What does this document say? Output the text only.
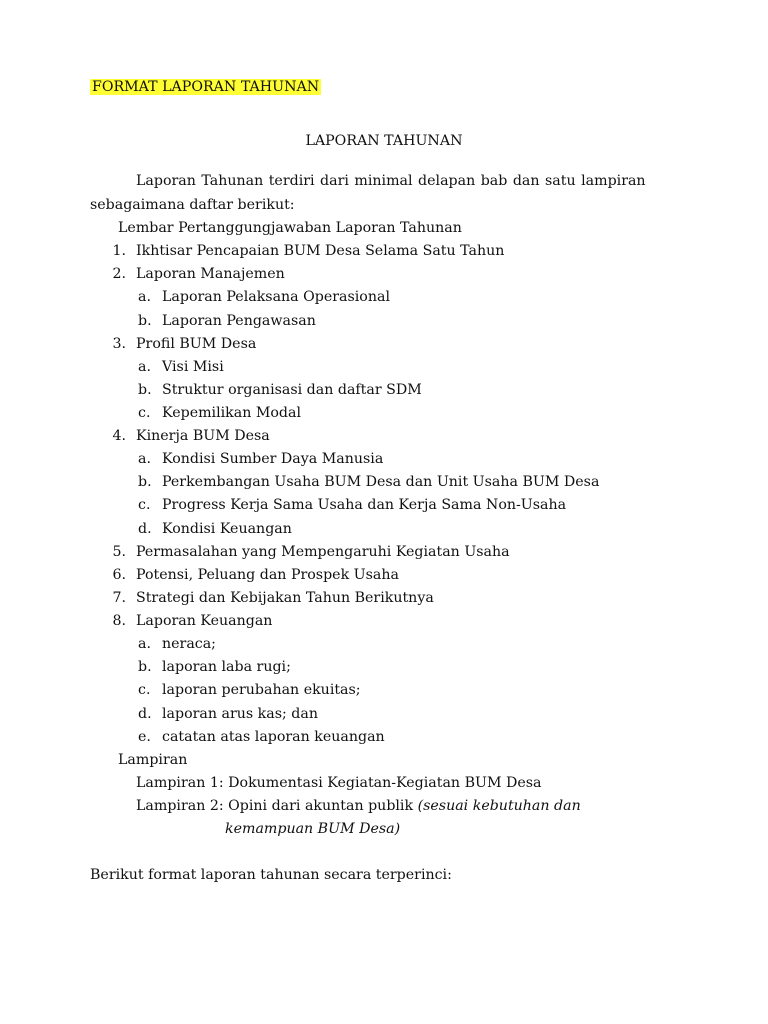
FORMAT LAPORAN TAHUNAN
LAPORAN TAHUNAN
Laporan Tahunan terdiri dari minimal delapan bab dan satu lampiran
sebagaimana daftar berikut:
Lembar Pertanggungjawaban Laporan Tahunan
1. Ikhtisar Pencapaian BUM Desa Selama Satu Tahun
2. Laporan Manajemen
a. Laporan Pelaksana Operasional
b. Laporan Pengawasan
3. Profil BUM Desa
a. Visi Misi
b. Struktur organisasi dan daftar SDM
c. Kepemilikan Modal
4. Kinerja BUM Desa
a. Kondisi Sumber Daya Manusia
b. Perkembangan Usaha BUM Desa dan Unit Usaha BUM Desa
c. Progress Kerja Sama Usaha dan Kerja Sama Non-Usaha
d. Kondisi Keuangan
5. Permasalahan yang Mempengaruhi Kegiatan Usaha
6. Potensi, Peluang dan Prospek Usaha
7. Strategi dan Kebijakan Tahun Berikutnya
8. Laporan Keuangan
a. neraca;
b. laporan laba rugi;
c. laporan perubahan ekuitas;
d. laporan arus kas; dan
e. catatan atas laporan keuangan
Lampiran
Lampiran 1: Dokumentasi Kegiatan-Kegiatan BUM Desa
Lampiran 2: Opini dari akuntan publik (sesuai kebutuhan dan
kemampuan BUM Desa)
Berikut format laporan tahunan secara terperinci:
